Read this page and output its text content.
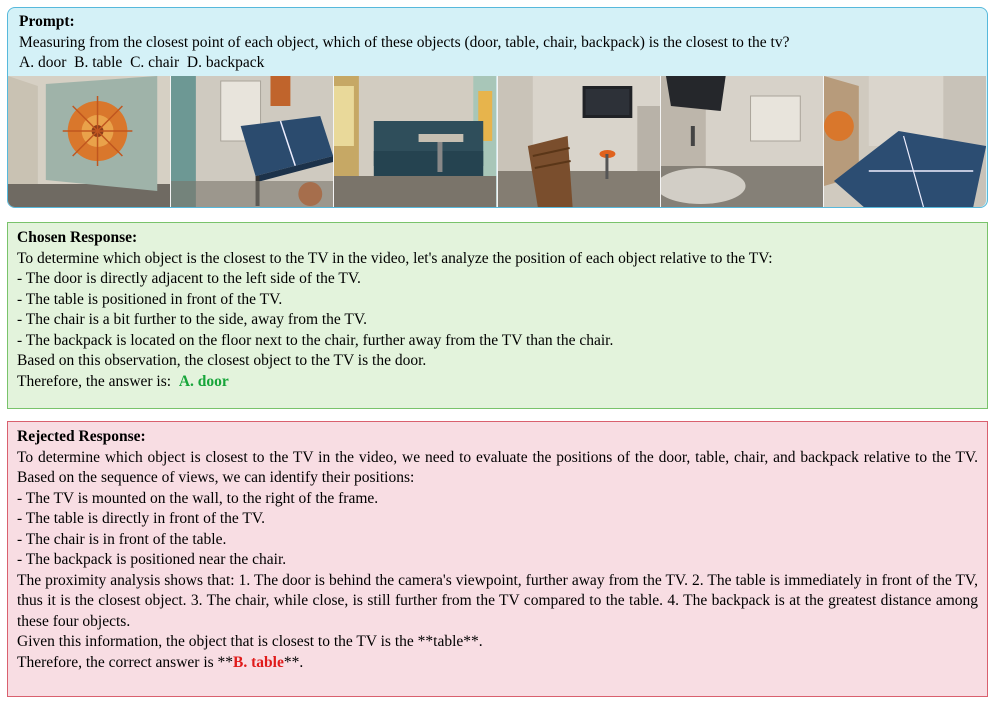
Prompt:
Measuring from the closest point of each object, which of these objects (door, table, chair, backpack) is the closest to the tv?
A. door  B. table  C. chair  D. backpack
Chosen Response:
To determine which object is the closest to the TV in the video, let's analyze the position of each object relative to the TV:
- The door is directly adjacent to the left side of the TV.
- The table is positioned in front of the TV.
- The chair is a bit further to the side, away from the TV.
- The backpack is located on the floor next to the chair, further away from the TV than the chair.
Based on this observation, the closest object to the TV is the door.
Therefore, the answer is:  A. door
Rejected Response:
To determine which object is closest to the TV in the video, we need to evaluate the positions of the door, table, chair, and backpack relative to the TV. Based on the sequence of views, we can identify their positions:
- The TV is mounted on the wall, to the right of the frame.
- The table is directly in front of the TV.
- The chair is in front of the table.
- The backpack is positioned near the chair.
The proximity analysis shows that: 1. The door is behind the camera's viewpoint, further away from the TV. 2. The table is immediately in front of the TV, thus it is the closest object. 3. The chair, while close, is still further from the TV compared to the table. 4. The backpack is at the greatest distance among these four objects.
Given this information, the object that is closest to the TV is the **table**.
Therefore, the correct answer is **B. table**.
